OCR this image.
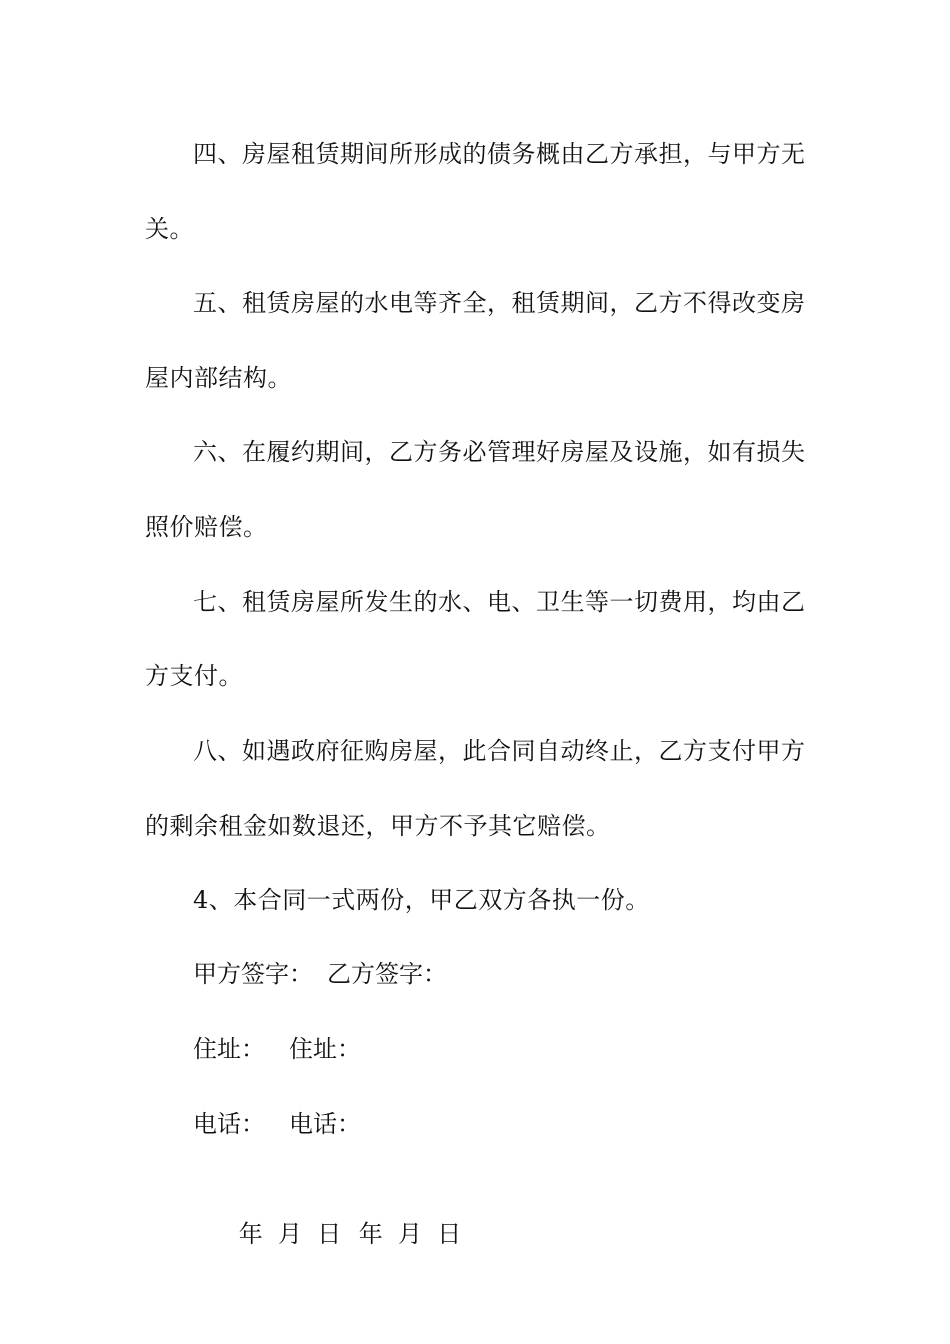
四、房屋租赁期间所形成的债务概由乙方承担，与甲方无
关。
五、租赁房屋的水电等齐全，租赁期间，乙方不得改变房
屋内部结构。
六、在履约期间，乙方务必管理好房屋及设施，如有损失
照价赔偿。
七、租赁房屋所发生的水、电、卫生等一切费用，均由乙
方支付。
八、如遇政府征购房屋，此合同自动终止，乙方支付甲方
的剩余租金如数退还，甲方不予其它赔偿。
4、本合同一式两份，甲乙双方各执一份。
甲方签字： 乙方签字：
住址： 住址：
电话： 电话：

年  月  日 年  月  日
